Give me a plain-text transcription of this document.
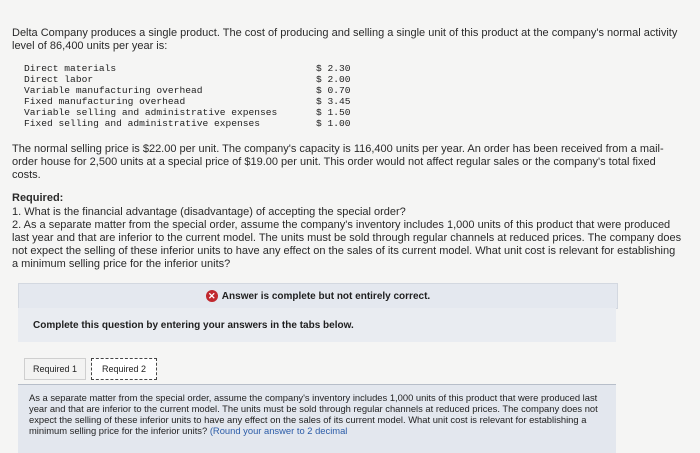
Delta Company produces a single product. The cost of producing and selling a single unit of this product at the company's normal activity level of 86,400 units per year is:

Direct materials	$ 2.30
Direct labor	$ 2.00
Variable manufacturing overhead	$ 0.70
Fixed manufacturing overhead	$ 3.45
Variable selling and administrative expenses	$ 1.50
Fixed selling and administrative expenses	$ 1.00

The normal selling price is $22.00 per unit. The company's capacity is 116,400 units per year. An order has been received from a mail-order house for 2,500 units at a special price of $19.00 per unit. This order would not affect regular sales or the company's total fixed costs.

Required:

1. What is the financial advantage (disadvantage) of accepting the special order?

2. As a separate matter from the special order, assume the company's inventory includes 1,000 units of this product that were produced last year and that are inferior to the current model. The units must be sold through regular channels at reduced prices. The company does not expect the selling of these inferior units to have any effect on the sales of its current model. What unit cost is relevant for establishing a minimum selling price for the inferior units?

✕ Answer is complete but not entirely correct.
Complete this question by entering your answers in the tabs below.
Required 1	Required 2
As a separate matter from the special order, assume the company's inventory includes 1,000 units of this product that were produced last year and that are inferior to the current model. The units must be sold through regular channels at reduced prices. The company does not expect the selling of these inferior units to have any effect on the sales of its current model. What unit cost is relevant for establishing a minimum selling price for the inferior units? (Round your answer to 2 decimal
